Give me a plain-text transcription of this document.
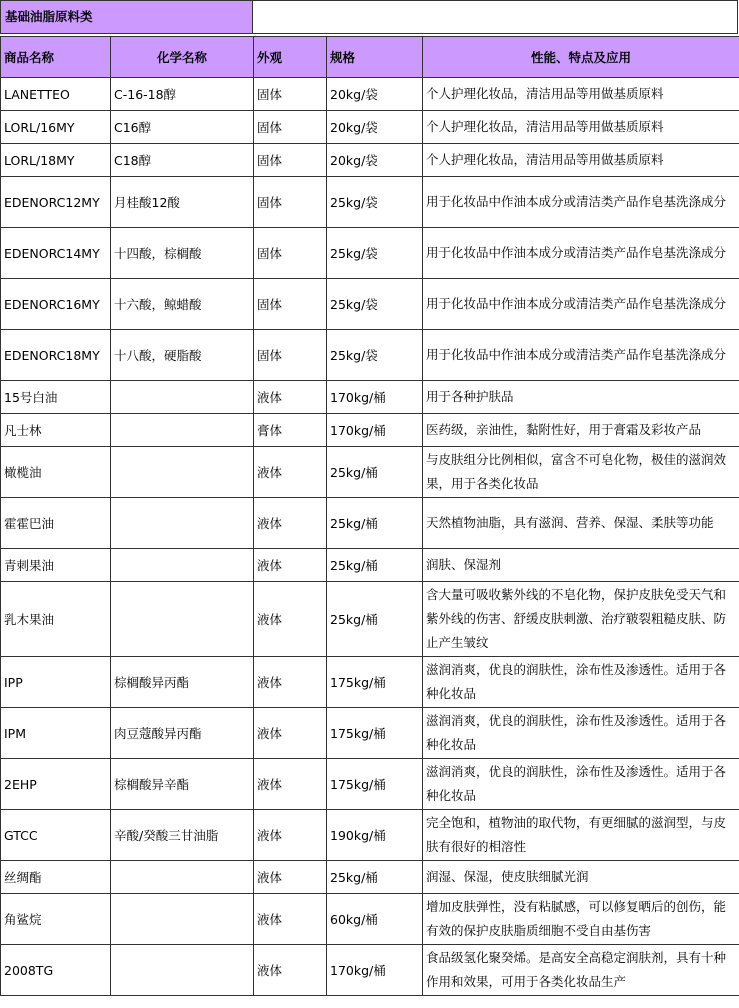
基础油脂原料类
商品名称	化学名称	外观	规格	性能、特点及应用
LANETTEO	C-16-18醇	固体	20kg/袋	个人护理化妆品，清洁用品等用做基质原料
LORL/16MY	C16醇	固体	20kg/袋	个人护理化妆品，清洁用品等用做基质原料
LORL/18MY	C18醇	固体	20kg/袋	个人护理化妆品，清洁用品等用做基质原料
EDENORC12MY	月桂酸12酸	固体	25kg/袋	用于化妆品中作油本成分或清洁类产品作皂基洗涤成分
EDENORC14MY	十四酸，棕榈酸	固体	25kg/袋	用于化妆品中作油本成分或清洁类产品作皂基洗涤成分
EDENORC16MY	十六酸，鲸蜡酸	固体	25kg/袋	用于化妆品中作油本成分或清洁类产品作皂基洗涤成分
EDENORC18MY	十八酸，硬脂酸	固体	25kg/袋	用于化妆品中作油本成分或清洁类产品作皂基洗涤成分
15号白油		液体	170kg/桶	用于各种护肤品
凡士林		膏体	170kg/桶	医药级，亲油性，黏附性好，用于膏霜及彩妆产品
橄榄油		液体	25kg/桶	与皮肤组分比例相似，富含不可皂化物，极佳的滋润效果，用于各类化妆品
霍霍巴油		液体	25kg/桶	天然植物油脂，具有滋润、营养、保湿、柔肤等功能
青刺果油		液体	25kg/桶	润肤、保湿剂
乳木果油		液体	25kg/桶	含大量可吸收紫外线的不皂化物，保护皮肤免受天气和紫外线的伤害、舒缓皮肤刺激、治疗皲裂粗糙皮肤、防止产生皱纹
IPP	棕榈酸异丙酯	液体	175kg/桶	滋润消爽，优良的润肤性，涂布性及渗透性。适用于各种化妆品
IPM	肉豆蔻酸异丙酯	液体	175kg/桶	滋润消爽，优良的润肤性，涂布性及渗透性。适用于各种化妆品
2EHP	棕榈酸异辛酯	液体	175kg/桶	滋润消爽，优良的润肤性，涂布性及渗透性。适用于各种化妆品
GTCC	辛酸/癸酸三甘油脂	液体	190kg/桶	完全饱和，植物油的取代物，有更细腻的滋润型，与皮肤有很好的相溶性
丝绸酯		液体	25kg/桶	润湿、保湿，使皮肤细腻光润
角鲨烷		液体	60kg/桶	增加皮肤弹性，没有粘腻感，可以修复晒后的创伤，能有效的保护皮肤脂质细胞不受自由基伤害
2008TG		液体	170kg/桶	食品级氢化聚癸烯。是高安全高稳定润肤剂，具有十种作用和效果，可用于各类化妆品生产
